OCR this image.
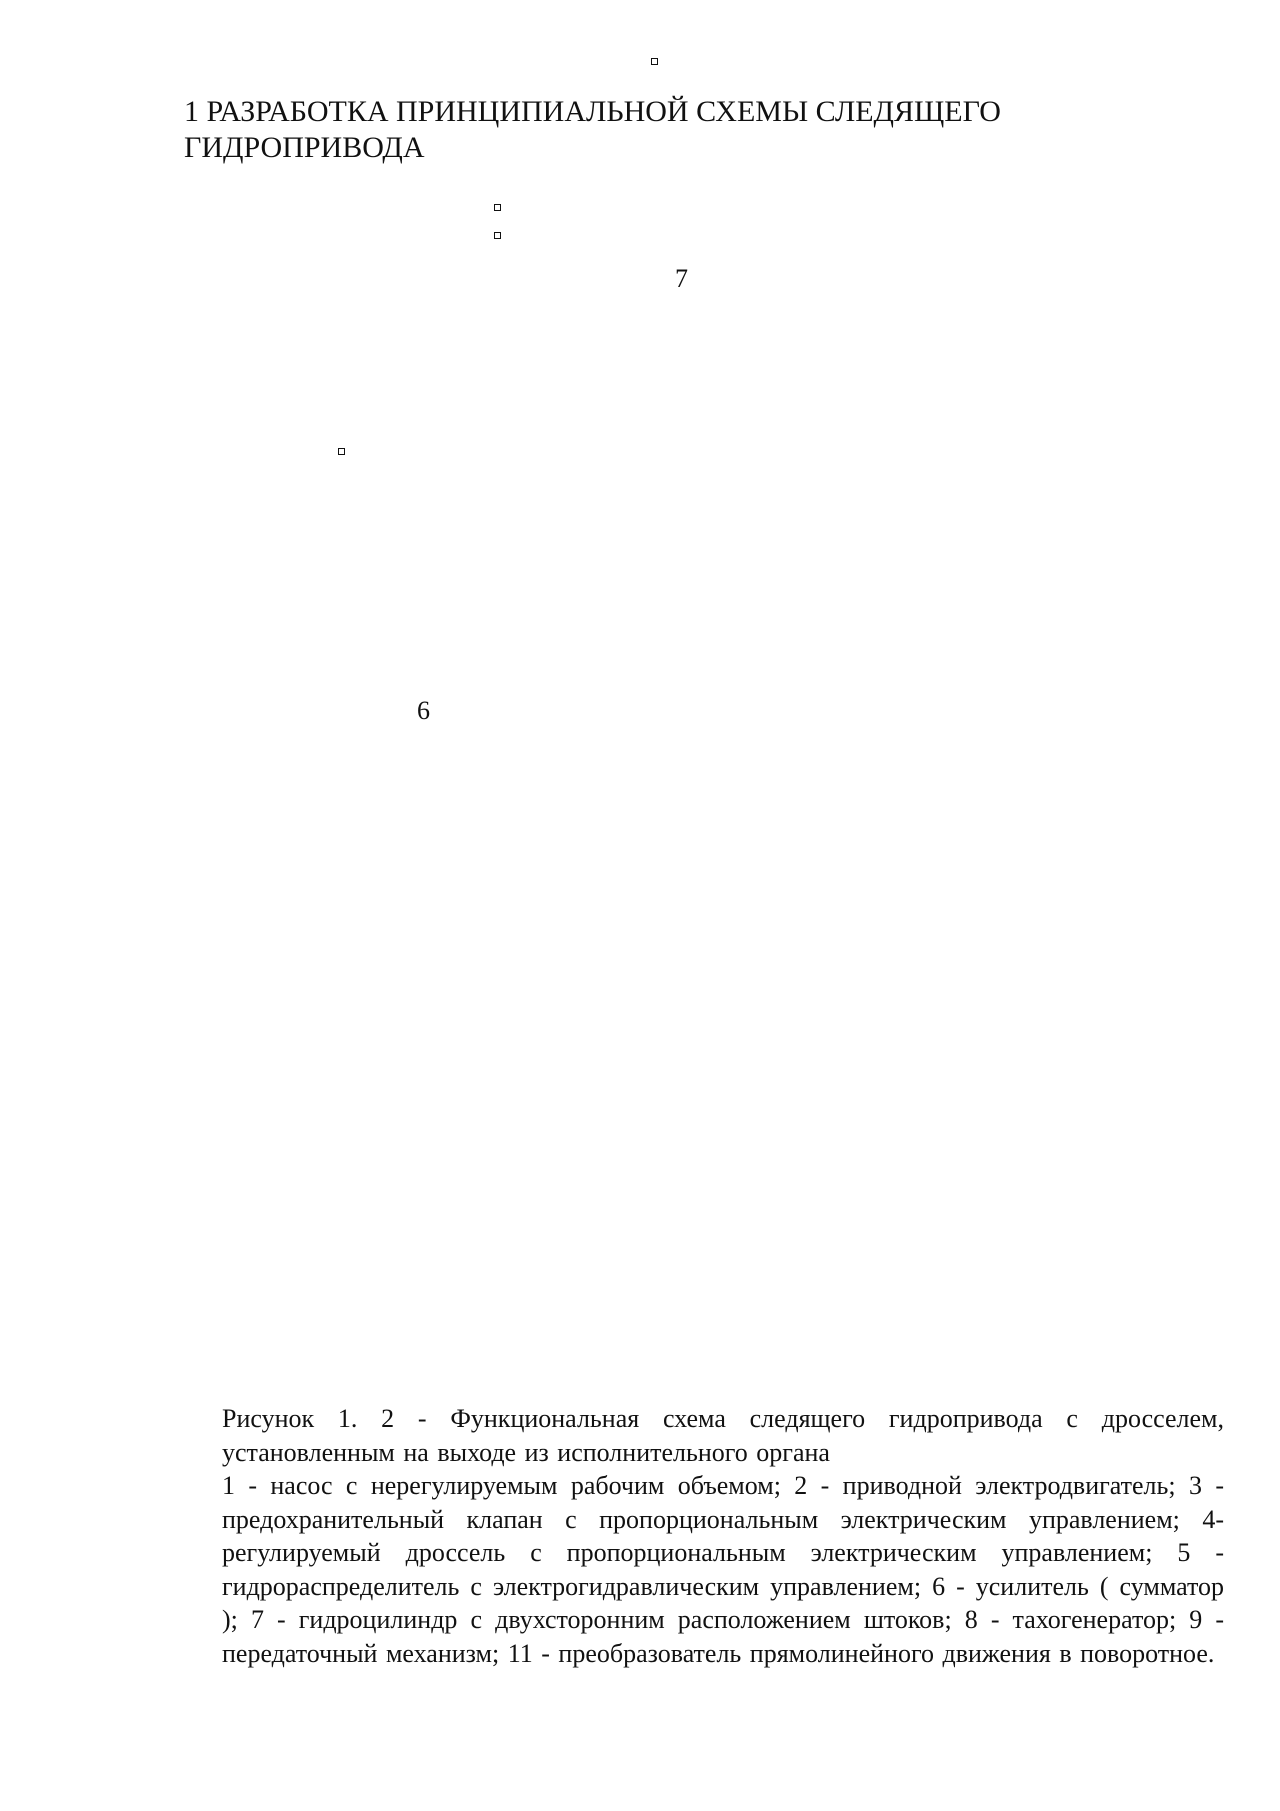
1 РАЗРАБОТКА ПРИНЦИПИАЛЬНОЙ СХЕМЫ СЛЕДЯЩЕГО ГИДРОПРИВОДА
7
6

Рисунок 1. 2 - Функциональная схема следящего гидропривода с дросселем, установленным на выходе из исполнительного органа

1 - насос с нерегулируемым рабочим объемом; 2 - приводной электродвигатель; 3 - предохранительный клапан с пропорциональным электрическим управлением; 4- регулируемый дроссель с пропорциональным электрическим управлением; 5 - гидрораспределитель с электрогидравлическим управлением; 6 - усилитель ( сумматор ); 7 - гидроцилиндр с двухсторонним расположением штоков; 8 - тахогенератор; 9 - передаточный механизм; 11 - преобразователь прямолинейного движения в поворотное.
